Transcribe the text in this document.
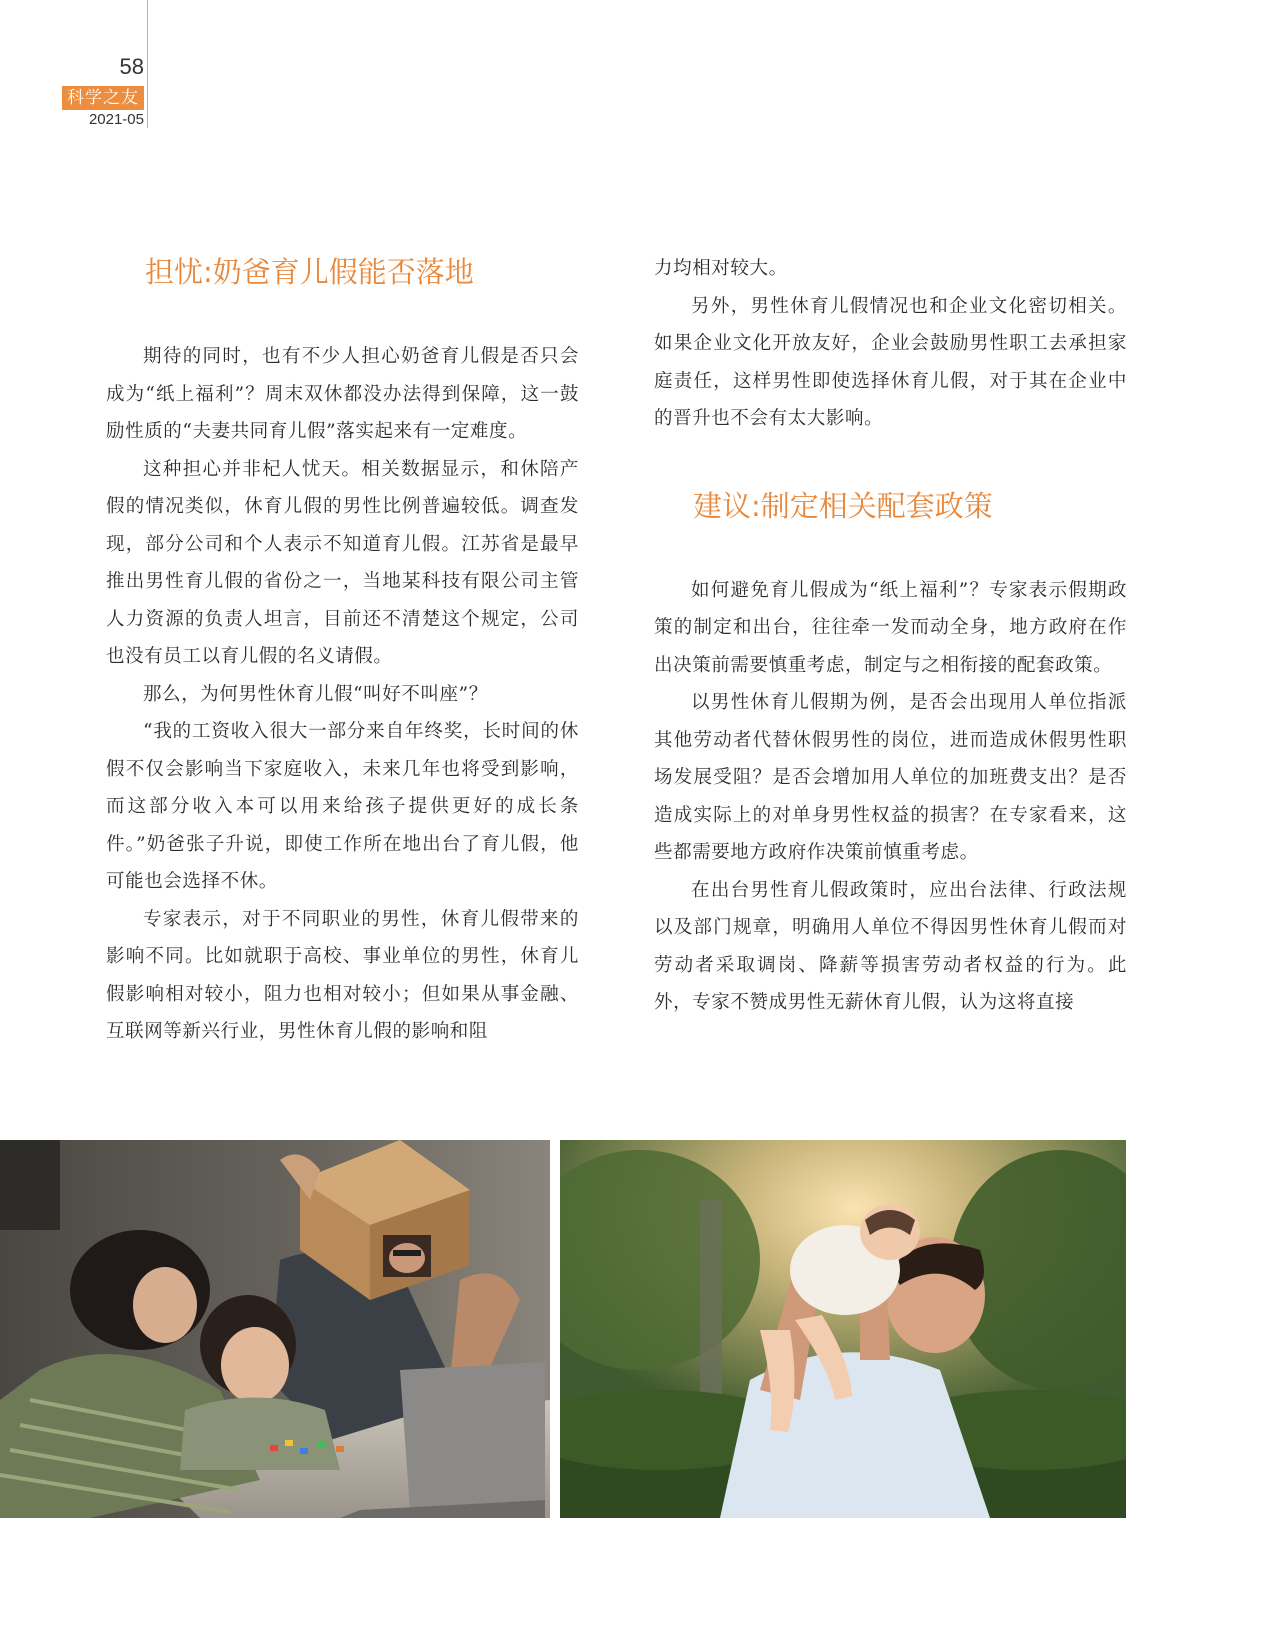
58
科学之友
2021-05
担忧:奶爸育儿假能否落地

期待的同时，也有不少人担心奶爸育儿假是否只会成为“纸上福利”？周末双休都没办法得到保障，这一鼓励性质的“夫妻共同育儿假”落实起来有一定难度。

这种担心并非杞人忧天。相关数据显示，和休陪产假的情况类似，休育儿假的男性比例普遍较低。调查发现，部分公司和个人表示不知道育儿假。江苏省是最早推出男性育儿假的省份之一，当地某科技有限公司主管人力资源的负责人坦言，目前还不清楚这个规定，公司也没有员工以育儿假的名义请假。

那么，为何男性休育儿假“叫好不叫座”？

“我的工资收入很大一部分来自年终奖，长时间的休假不仅会影响当下家庭收入，未来几年也将受到影响，而这部分收入本可以用来给孩子提供更好的成长条件。”奶爸张子升说，即使工作所在地出台了育儿假，他可能也会选择不休。

专家表示，对于不同职业的男性，休育儿假带来的影响不同。比如就职于高校、事业单位的男性，休育儿假影响相对较小，阻力也相对较小；但如果从事金融、互联网等新兴行业，男性休育儿假的影响和阻

力均相对较大。

另外，男性休育儿假情况也和企业文化密切相关。如果企业文化开放友好，企业会鼓励男性职工去承担家庭责任，这样男性即使选择休育儿假，对于其在企业中的晋升也不会有太大影响。

建议:制定相关配套政策

如何避免育儿假成为“纸上福利”？专家表示假期政策的制定和出台，往往牵一发而动全身，地方政府在作出决策前需要慎重考虑，制定与之相衔接的配套政策。

以男性休育儿假期为例，是否会出现用人单位指派其他劳动者代替休假男性的岗位，进而造成休假男性职场发展受阻？是否会增加用人单位的加班费支出？是否造成实际上的对单身男性权益的损害？在专家看来，这些都需要地方政府作决策前慎重考虑。

在出台男性育儿假政策时，应出台法律、行政法规以及部门规章，明确用人单位不得因男性休育儿假而对劳动者采取调岗、降薪等损害劳动者权益的行为。此外，专家不赞成男性无薪休育儿假，认为这将直接
